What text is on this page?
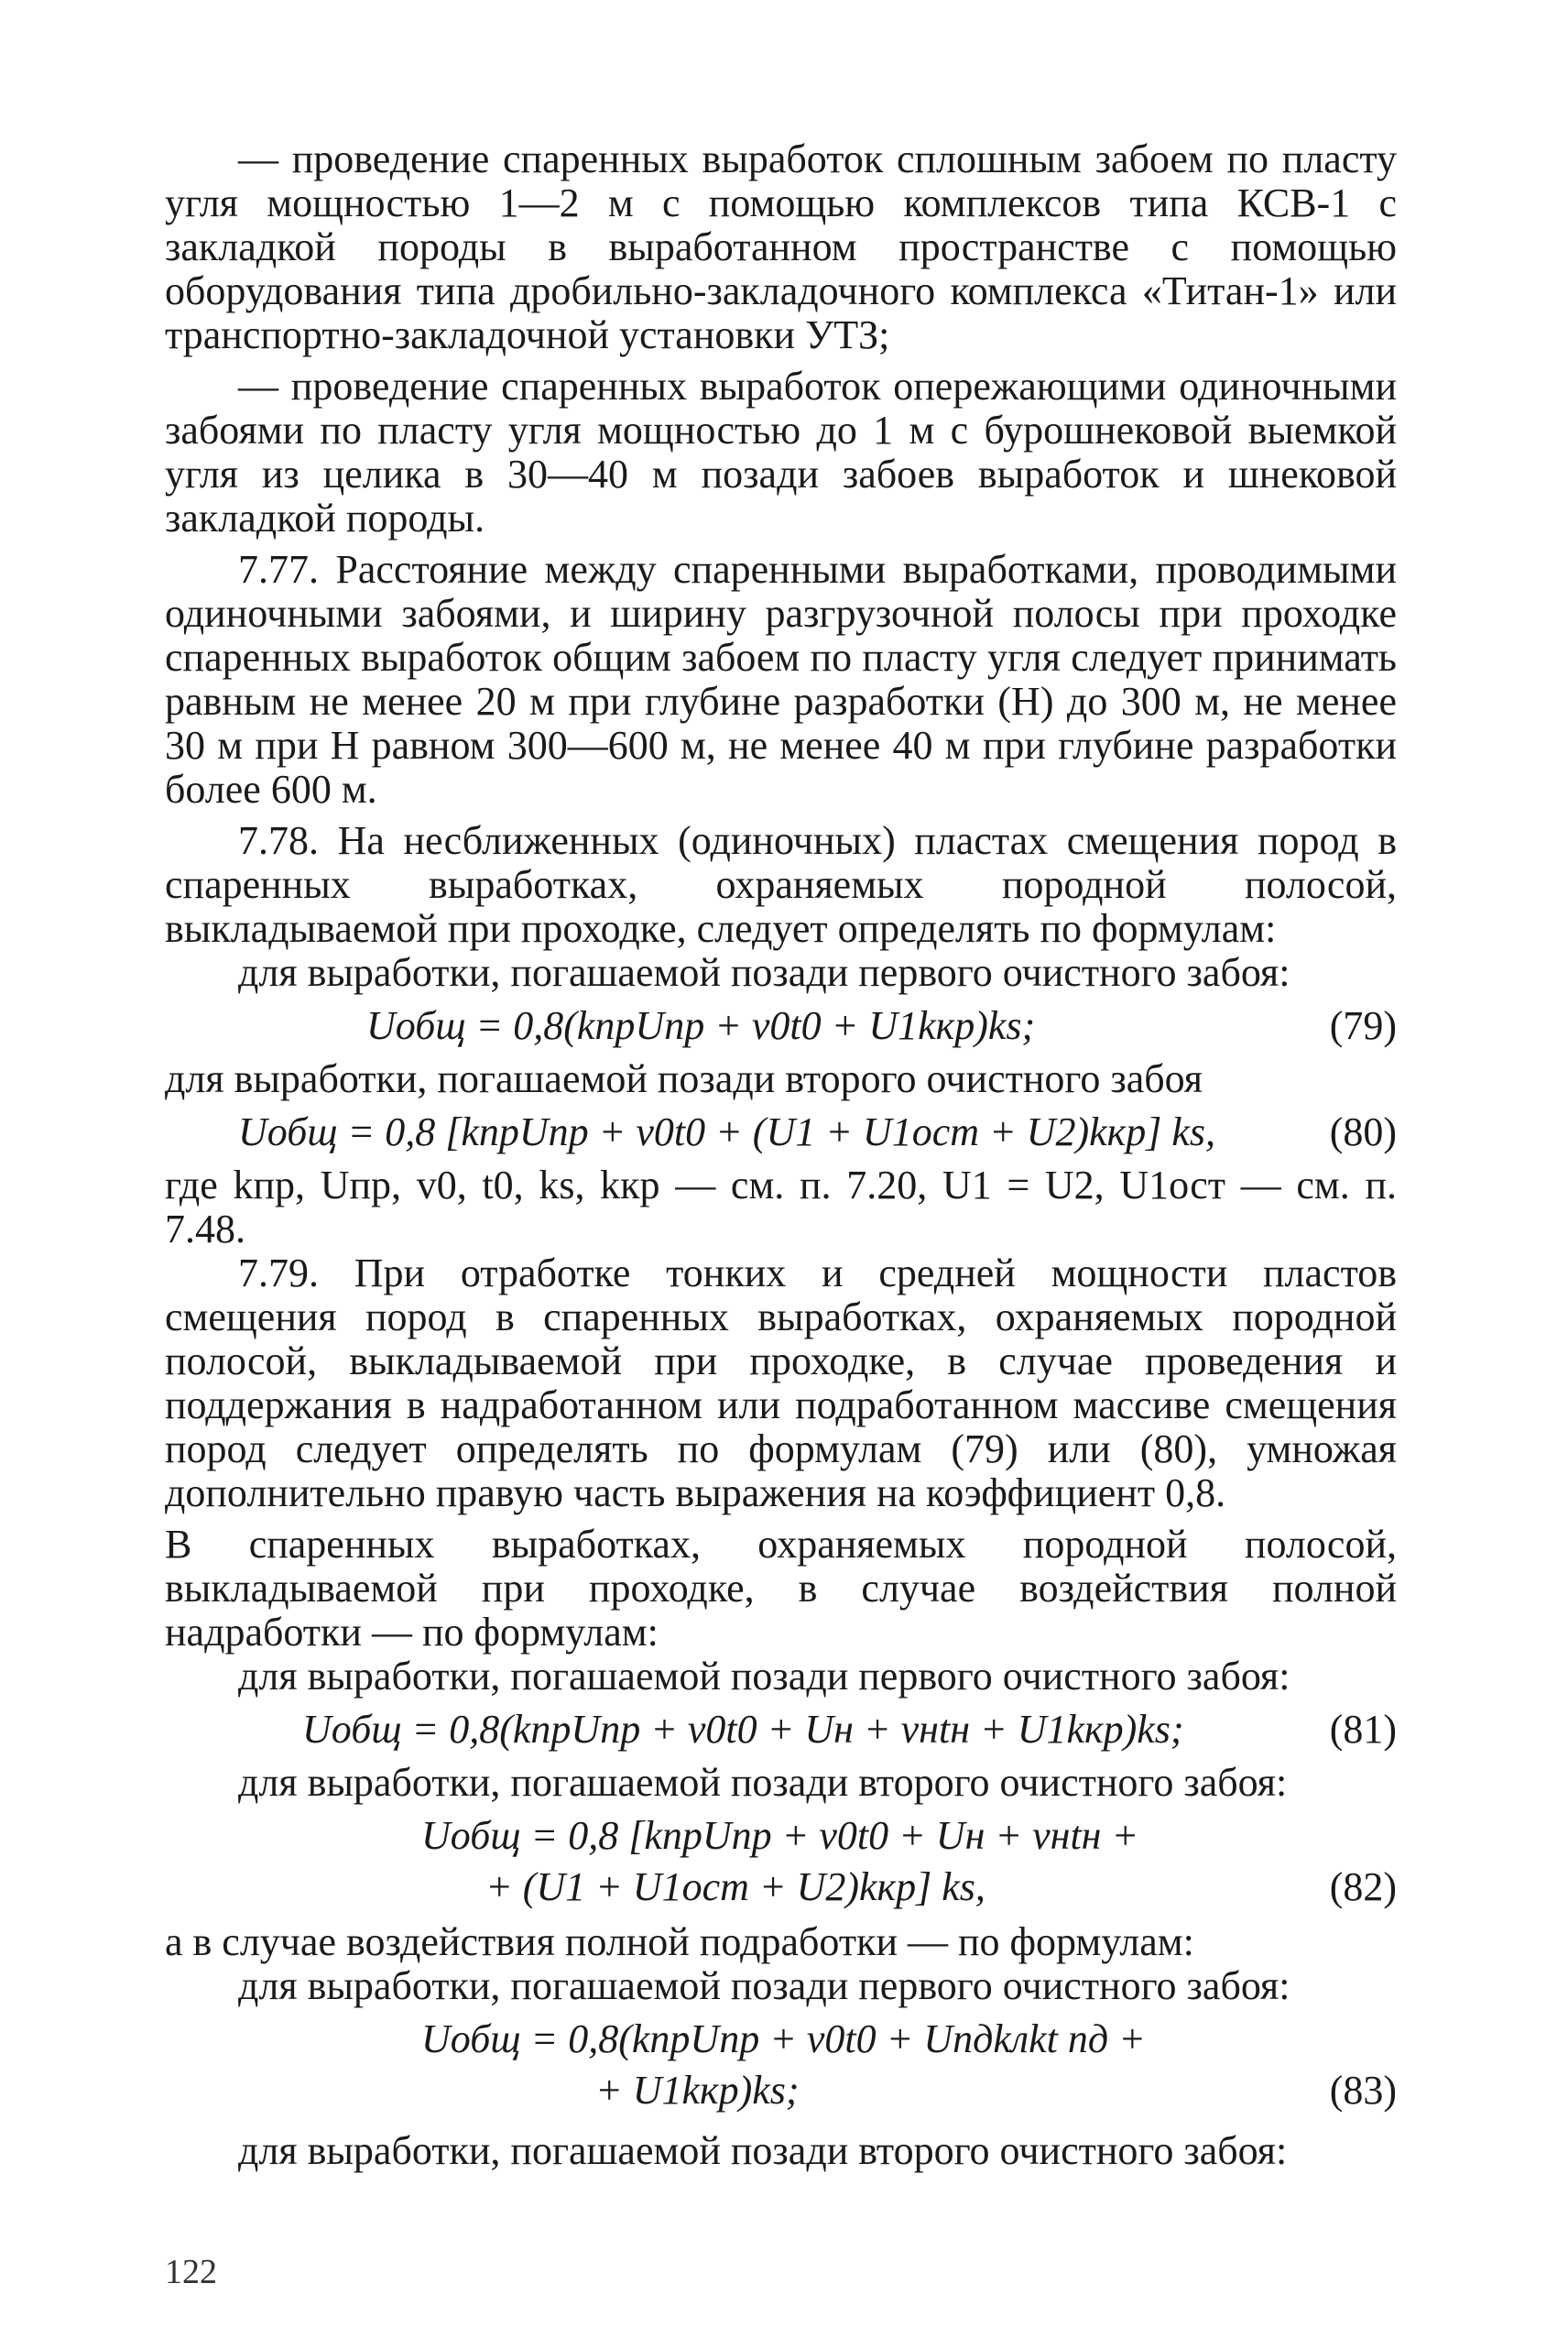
— проведение спаренных выработок сплошным забоем по пласту угля мощностью 1—2 м с помощью комплексов типа КСВ-1 с закладкой породы в выработанном пространстве с помощью оборудования типа дробильно-закладочного комплекса «Титан-1» или транспортно-закладочной установки УТЗ;

— проведение спаренных выработок опережающими одиночными забоями по пласту угля мощностью до 1 м с бурошнековой выемкой угля из целика в 30—40 м позади забоев выработок и шнековой закладкой породы.

7.77. Расстояние между спаренными выработками, проводимыми одиночными забоями, и ширину разгрузочной полосы при проходке спаренных выработок общим забоем по пласту угля следует принимать равным не менее 20 м при глубине разработки (H) до 300 м, не менее 30 м при H равном 300—600 м, не менее 40 м при глубине разработки более 600 м.

7.78. На несближенных (одиночных) пластах смещения пород в спаренных выработках, охраняемых породной полосой, выкладываемой при проходке, следует определять по формулам:

для выработки, погашаемой позади первого очистного забоя:

Uобщ = 0,8(kпрUпр + v0t0 + U1kкр)ks;	(79)

для выработки, погашаемой позади второго очистного забоя

Uобщ = 0,8 [kпрUпр + v0t0 + (U1 + U1ост + U2)kкр] ks,	(80)

где kпр, Uпр, v0, t0, ks, kкр — см. п. 7.20, U1 = U2, U1ост — см. п. 7.48.

7.79. При отработке тонких и средней мощности пластов смещения пород в спаренных выработках, охраняемых породной полосой, выкладываемой при проходке, в случае проведения и поддержания в надработанном или подработанном массиве смещения пород следует определять по формулам (79) или (80), умножая дополнительно правую часть выражения на коэффициент 0,8.

В спаренных выработках, охраняемых породной полосой, выкладываемой при проходке, в случае воздействия полной надработки — по формулам:

для выработки, погашаемой позади первого очистного забоя:

Uобщ = 0,8(kпрUпр + v0t0 + Uн + vнtн + U1kкр)ks;	(81)

для выработки, погашаемой позади второго очистного забоя:

Uобщ = 0,8 [kпрUпр + v0t0 + Uн + vнtн +
+ (U1 + U1ост + U2)kкр] ks,	(82)

а в случае воздействия полной подработки — по формулам:

для выработки, погашаемой позади первого очистного забоя:

Uобщ = 0,8(kпрUпр + v0t0 + Uпдkлkt пд +
+ U1kкр)ks;	(83)

для выработки, погашаемой позади второго очистного забоя:

122
